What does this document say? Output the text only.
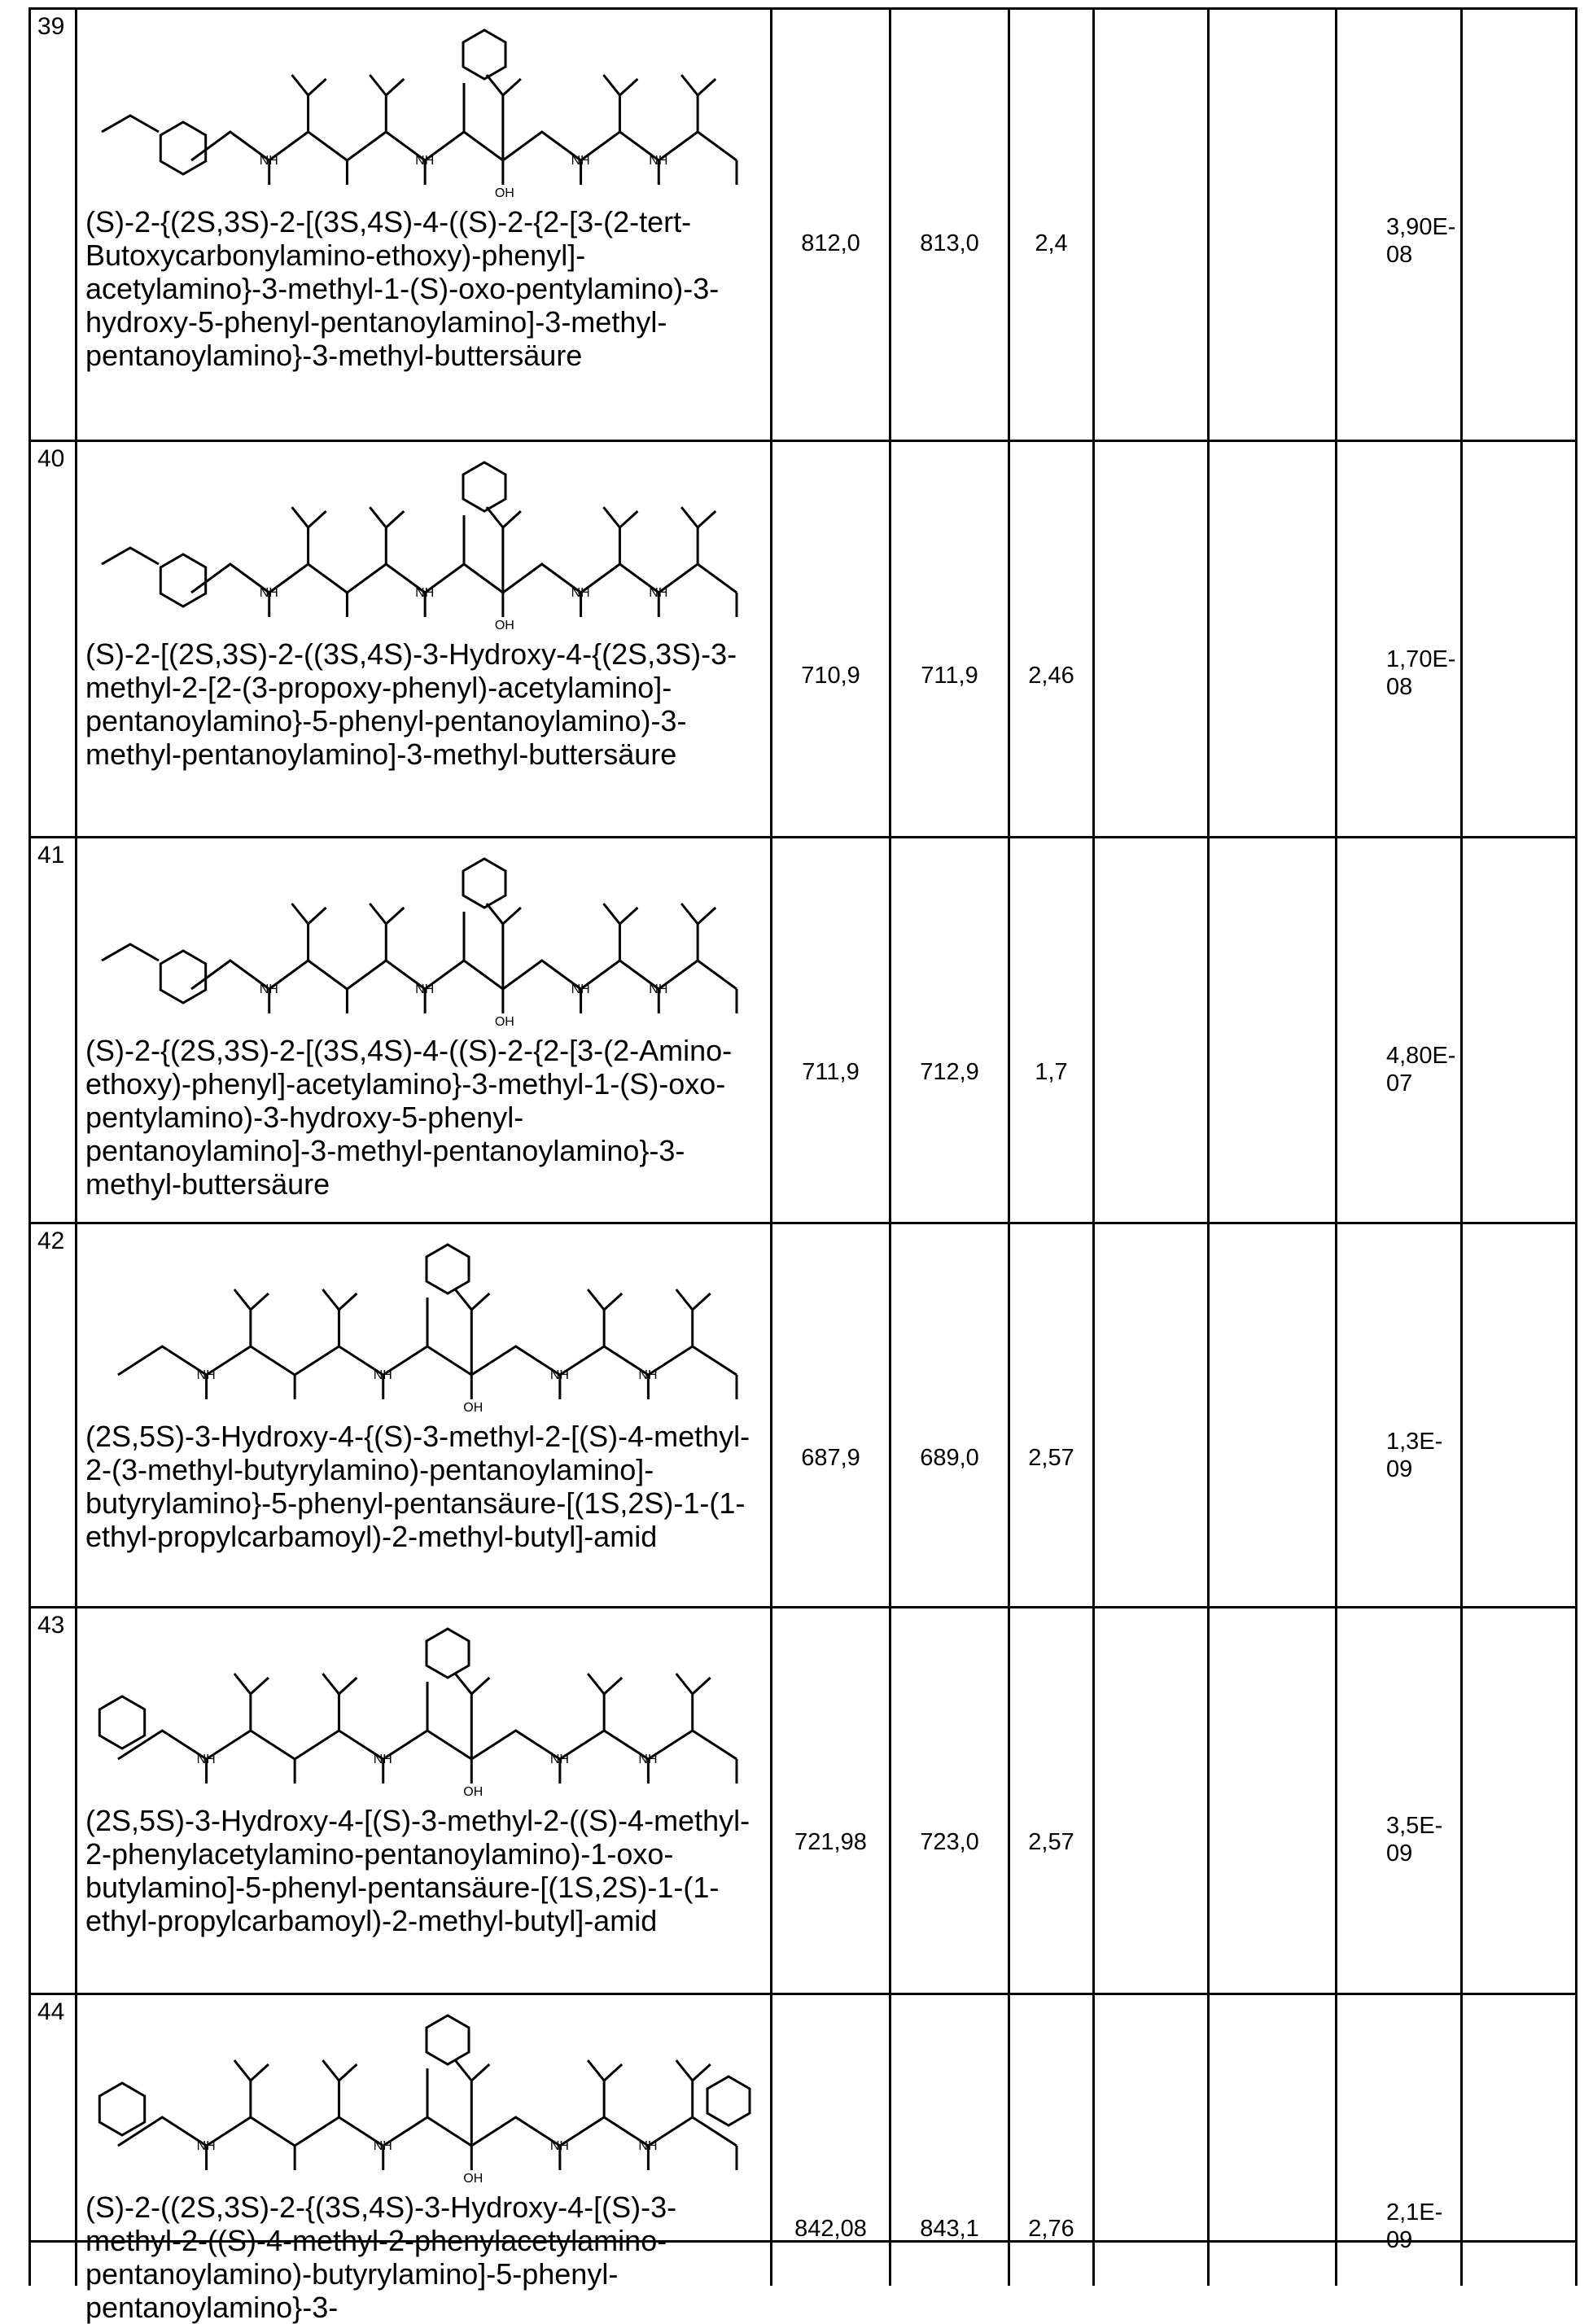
39
NH	NH	NH	NH
OH
(S)-2-{(2S,3S)-2-[(3S,4S)-4-((S)-2-{2-[3-(2-tert-Butoxycarbonylamino-ethoxy)-phenyl]-acetylamino}-3-methyl-1-(S)-oxo-pentylamino)-3-hydroxy-5-phenyl-pentanoylamino]-3-methyl-pentanoylamino}-3-methyl-buttersäure
812,0	813,0	2,4
3,90E-08
40
NH	NH	NH	NH
OH
(S)-2-[(2S,3S)-2-((3S,4S)-3-Hydroxy-4-{(2S,3S)-3-methyl-2-[2-(3-propoxy-phenyl)-acetylamino]-pentanoylamino}-5-phenyl-pentanoylamino)-3-methyl-pentanoylamino]-3-methyl-buttersäure
710,9	711,9	2,46
1,70E-08
41
NH	NH	NH	NH
OH
(S)-2-{(2S,3S)-2-[(3S,4S)-4-((S)-2-{2-[3-(2-Amino-ethoxy)-phenyl]-acetylamino}-3-methyl-1-(S)-oxo-pentylamino)-3-hydroxy-5-phenyl-pentanoylamino]-3-methyl-pentanoylamino}-3-methyl-buttersäure
711,9	712,9	1,7
4,80E-07
42
NH	NH	NH	NH
OH
(2S,5S)-3-Hydroxy-4-{(S)-3-methyl-2-[(S)-4-methyl-2-(3-methyl-butyrylamino)-pentanoylamino]-butyrylamino}-5-phenyl-pentansäure-[(1S,2S)-1-(1-ethyl-propylcarbamoyl)-2-methyl-butyl]-amid
687,9	689,0	2,57
1,3E-09
43
NH	NH	NH	NH
OH
(2S,5S)-3-Hydroxy-4-[(S)-3-methyl-2-((S)-4-methyl-2-phenylacetylamino-pentanoylamino)-1-oxo-butylamino]-5-phenyl-pentansäure-[(1S,2S)-1-(1-ethyl-propylcarbamoyl)-2-methyl-butyl]-amid
721,98	723,0	2,57
3,5E-09
44
NH	NH	NH	NH
OH
(S)-2-((2S,3S)-2-{(3S,4S)-3-Hydroxy-4-[(S)-3-methyl-2-((S)-4-methyl-2-phenylacetylamino-pentanoylamino)-butyrylamino]-5-phenyl-pentanoylamino}-3-
842,08	843,1	2,76
2,1E-09
